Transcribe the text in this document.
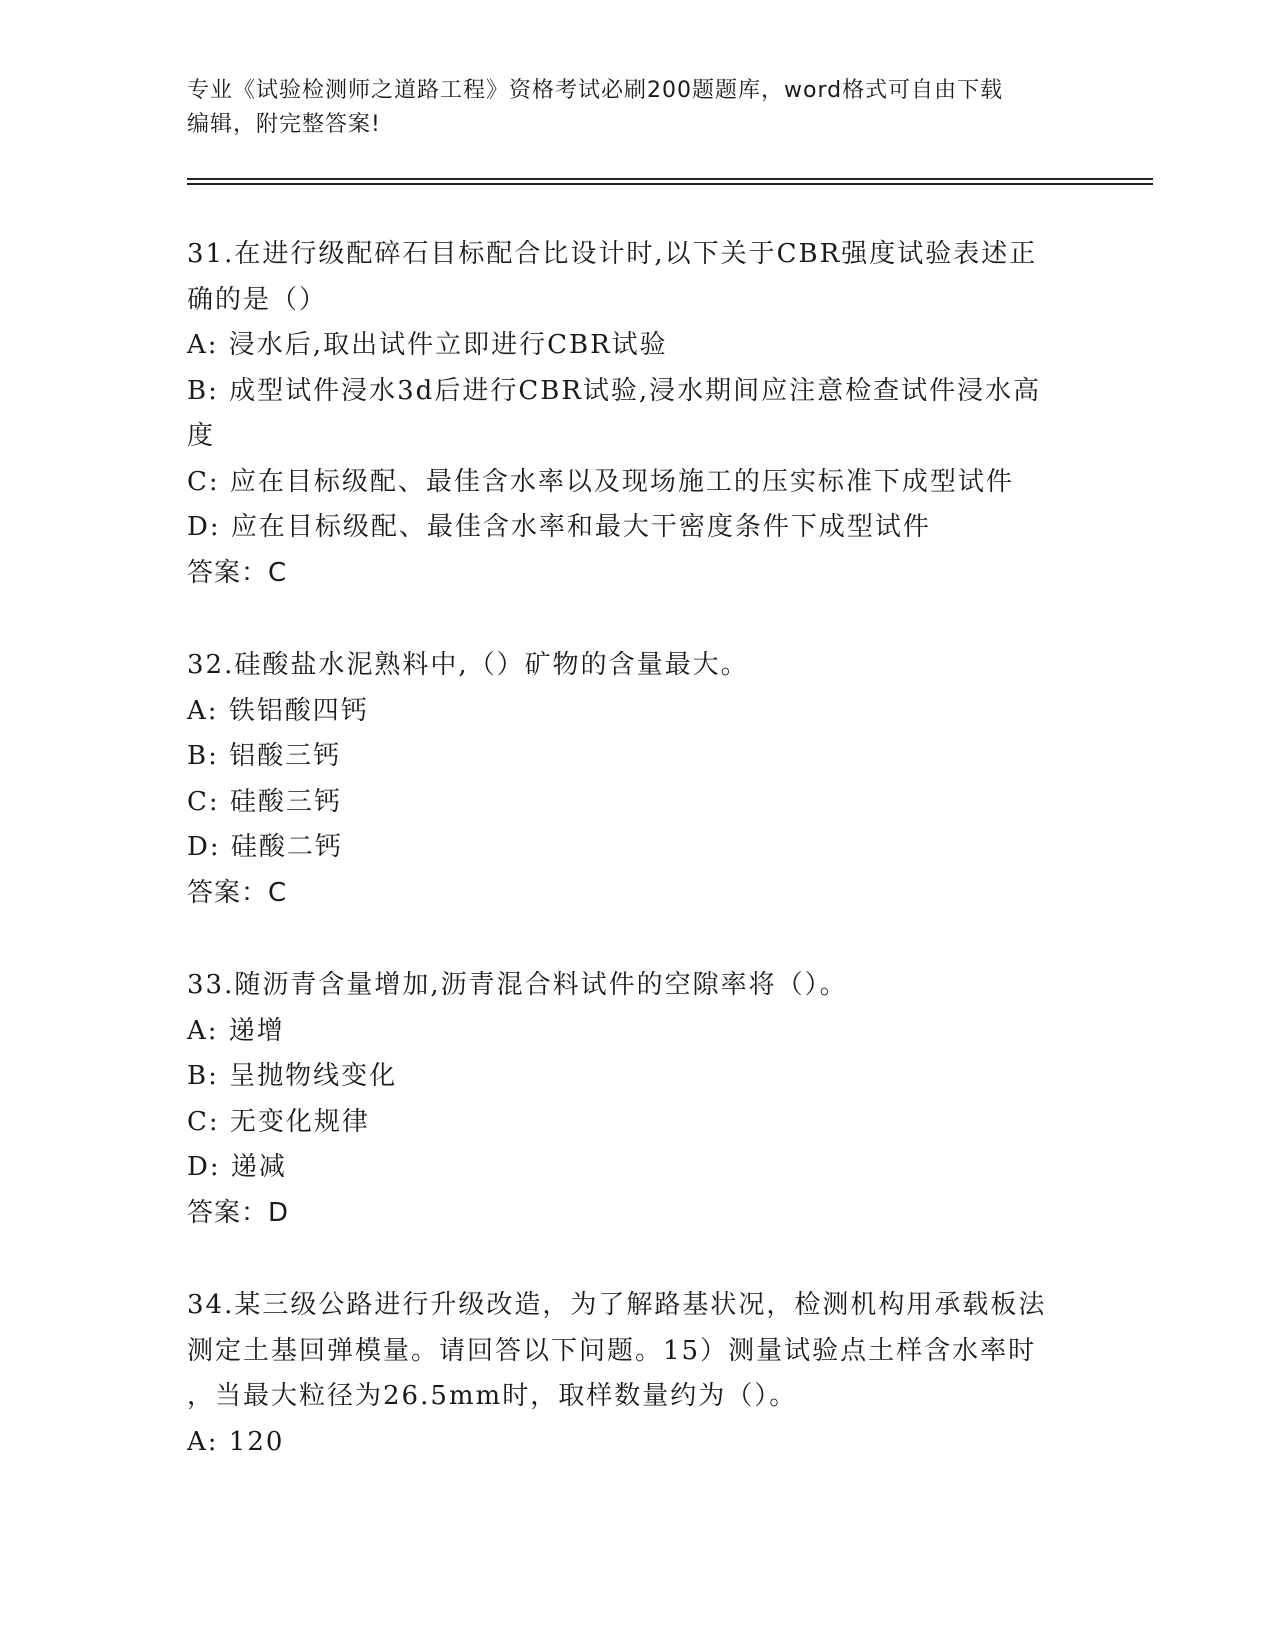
专业《试验检测师之道路工程》资格考试必刷200题题库，word格式可自由下载
编辑，附完整答案!
31.在进行级配碎石目标配合比设计时,以下关于CBR强度试验表述正
确的是（）
A: 浸水后,取出试件立即进行CBR试验
B: 成型试件浸水3d后进行CBR试验,浸水期间应注意检查试件浸水高
度
C: 应在目标级配、最佳含水率以及现场施工的压实标准下成型试件
D: 应在目标级配、最佳含水率和最大干密度条件下成型试件
答案：C
32.硅酸盐水泥熟料中,（）矿物的含量最大。
A: 铁铝酸四钙
B: 铝酸三钙
C: 硅酸三钙
D: 硅酸二钙
答案：C
33.随沥青含量增加,沥青混合料试件的空隙率将（）。
A: 递增
B: 呈抛物线变化
C: 无变化规律
D: 递减
答案：D
34.某三级公路进行升级改造，为了解路基状况，检测机构用承载板法
测定土基回弹模量。请回答以下问题。15）测量试验点土样含水率时
，当最大粒径为26.5mm时，取样数量约为（）。
A: 120
